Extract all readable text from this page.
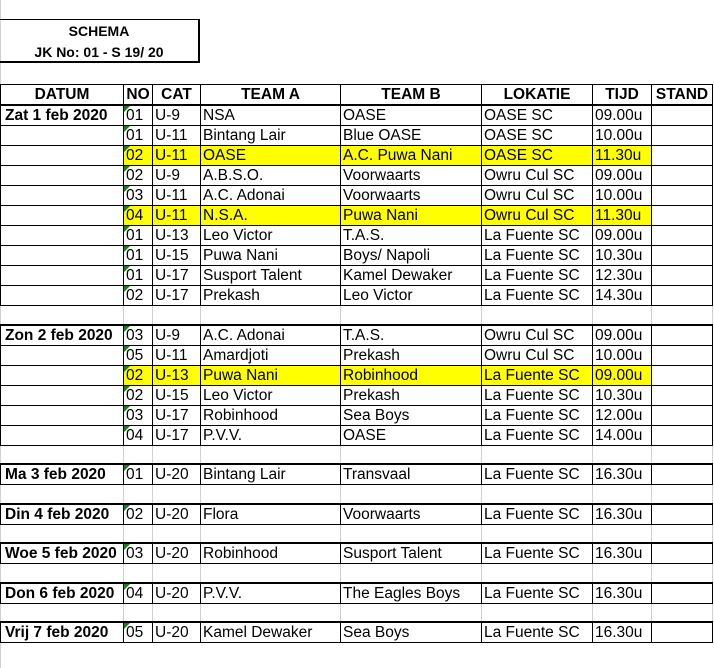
SCHEMA
JK No: 01 - S 19/ 20
DATUM	NO	CAT	TEAM A	TEAM B	LOKATIE	TIJD	STAND
Zat 1 feb 2020	01	U-9	NSA	OASE	OASE SC	09.00u	
	01	U-11	Bintang Lair	Blue OASE	OASE SC	10.00u	
	02	U-11	OASE	A.C. Puwa Nani	OASE SC	11.30u	
	02	U-9	A.B.S.O.	Voorwaarts	Owru Cul SC	09.00u	
	03	U-11	A.C. Adonai	Voorwaarts	Owru Cul SC	10.00u	
	04	U-11	N.S.A.	Puwa Nani	Owru Cul SC	11.30u	
	01	U-13	Leo Victor	T.A.S.	La Fuente SC	09.00u	
	01	U-15	Puwa Nani	Boys/ Napoli	La Fuente SC	10.30u	
	01	U-17	Susport Talent	Kamel Dewaker	La Fuente SC	12.30u	
	02	U-17	Prekash	Leo Victor	La Fuente SC	14.30u	

Zon 2 feb 2020	03	U-9	A.C. Adonai	T.A.S.	Owru Cul SC	09.00u	
	05	U-11	Amardjoti	Prekash	Owru Cul SC	10.00u	
	02	U-13	Puwa Nani	Robinhood	La Fuente SC	09.00u	
	02	U-15	Leo Victor	Prekash	La Fuente SC	10.30u	
	03	U-17	Robinhood	Sea Boys	La Fuente SC	12.00u	
	04	U-17	P.V.V.	OASE	La Fuente SC	14.00u	

Ma 3 feb 2020	01	U-20	Bintang Lair	Transvaal	La Fuente SC	16.30u	

Din 4 feb 2020	02	U-20	Flora	Voorwaarts	La Fuente SC	16.30u	

Woe 5 feb 2020	03	U-20	Robinhood	Susport Talent	La Fuente SC	16.30u	

Don 6 feb 2020	04	U-20	P.V.V.	The Eagles Boys	La Fuente SC	16.30u	

Vrij 7 feb 2020	05	U-20	Kamel Dewaker	Sea Boys	La Fuente SC	16.30u	
